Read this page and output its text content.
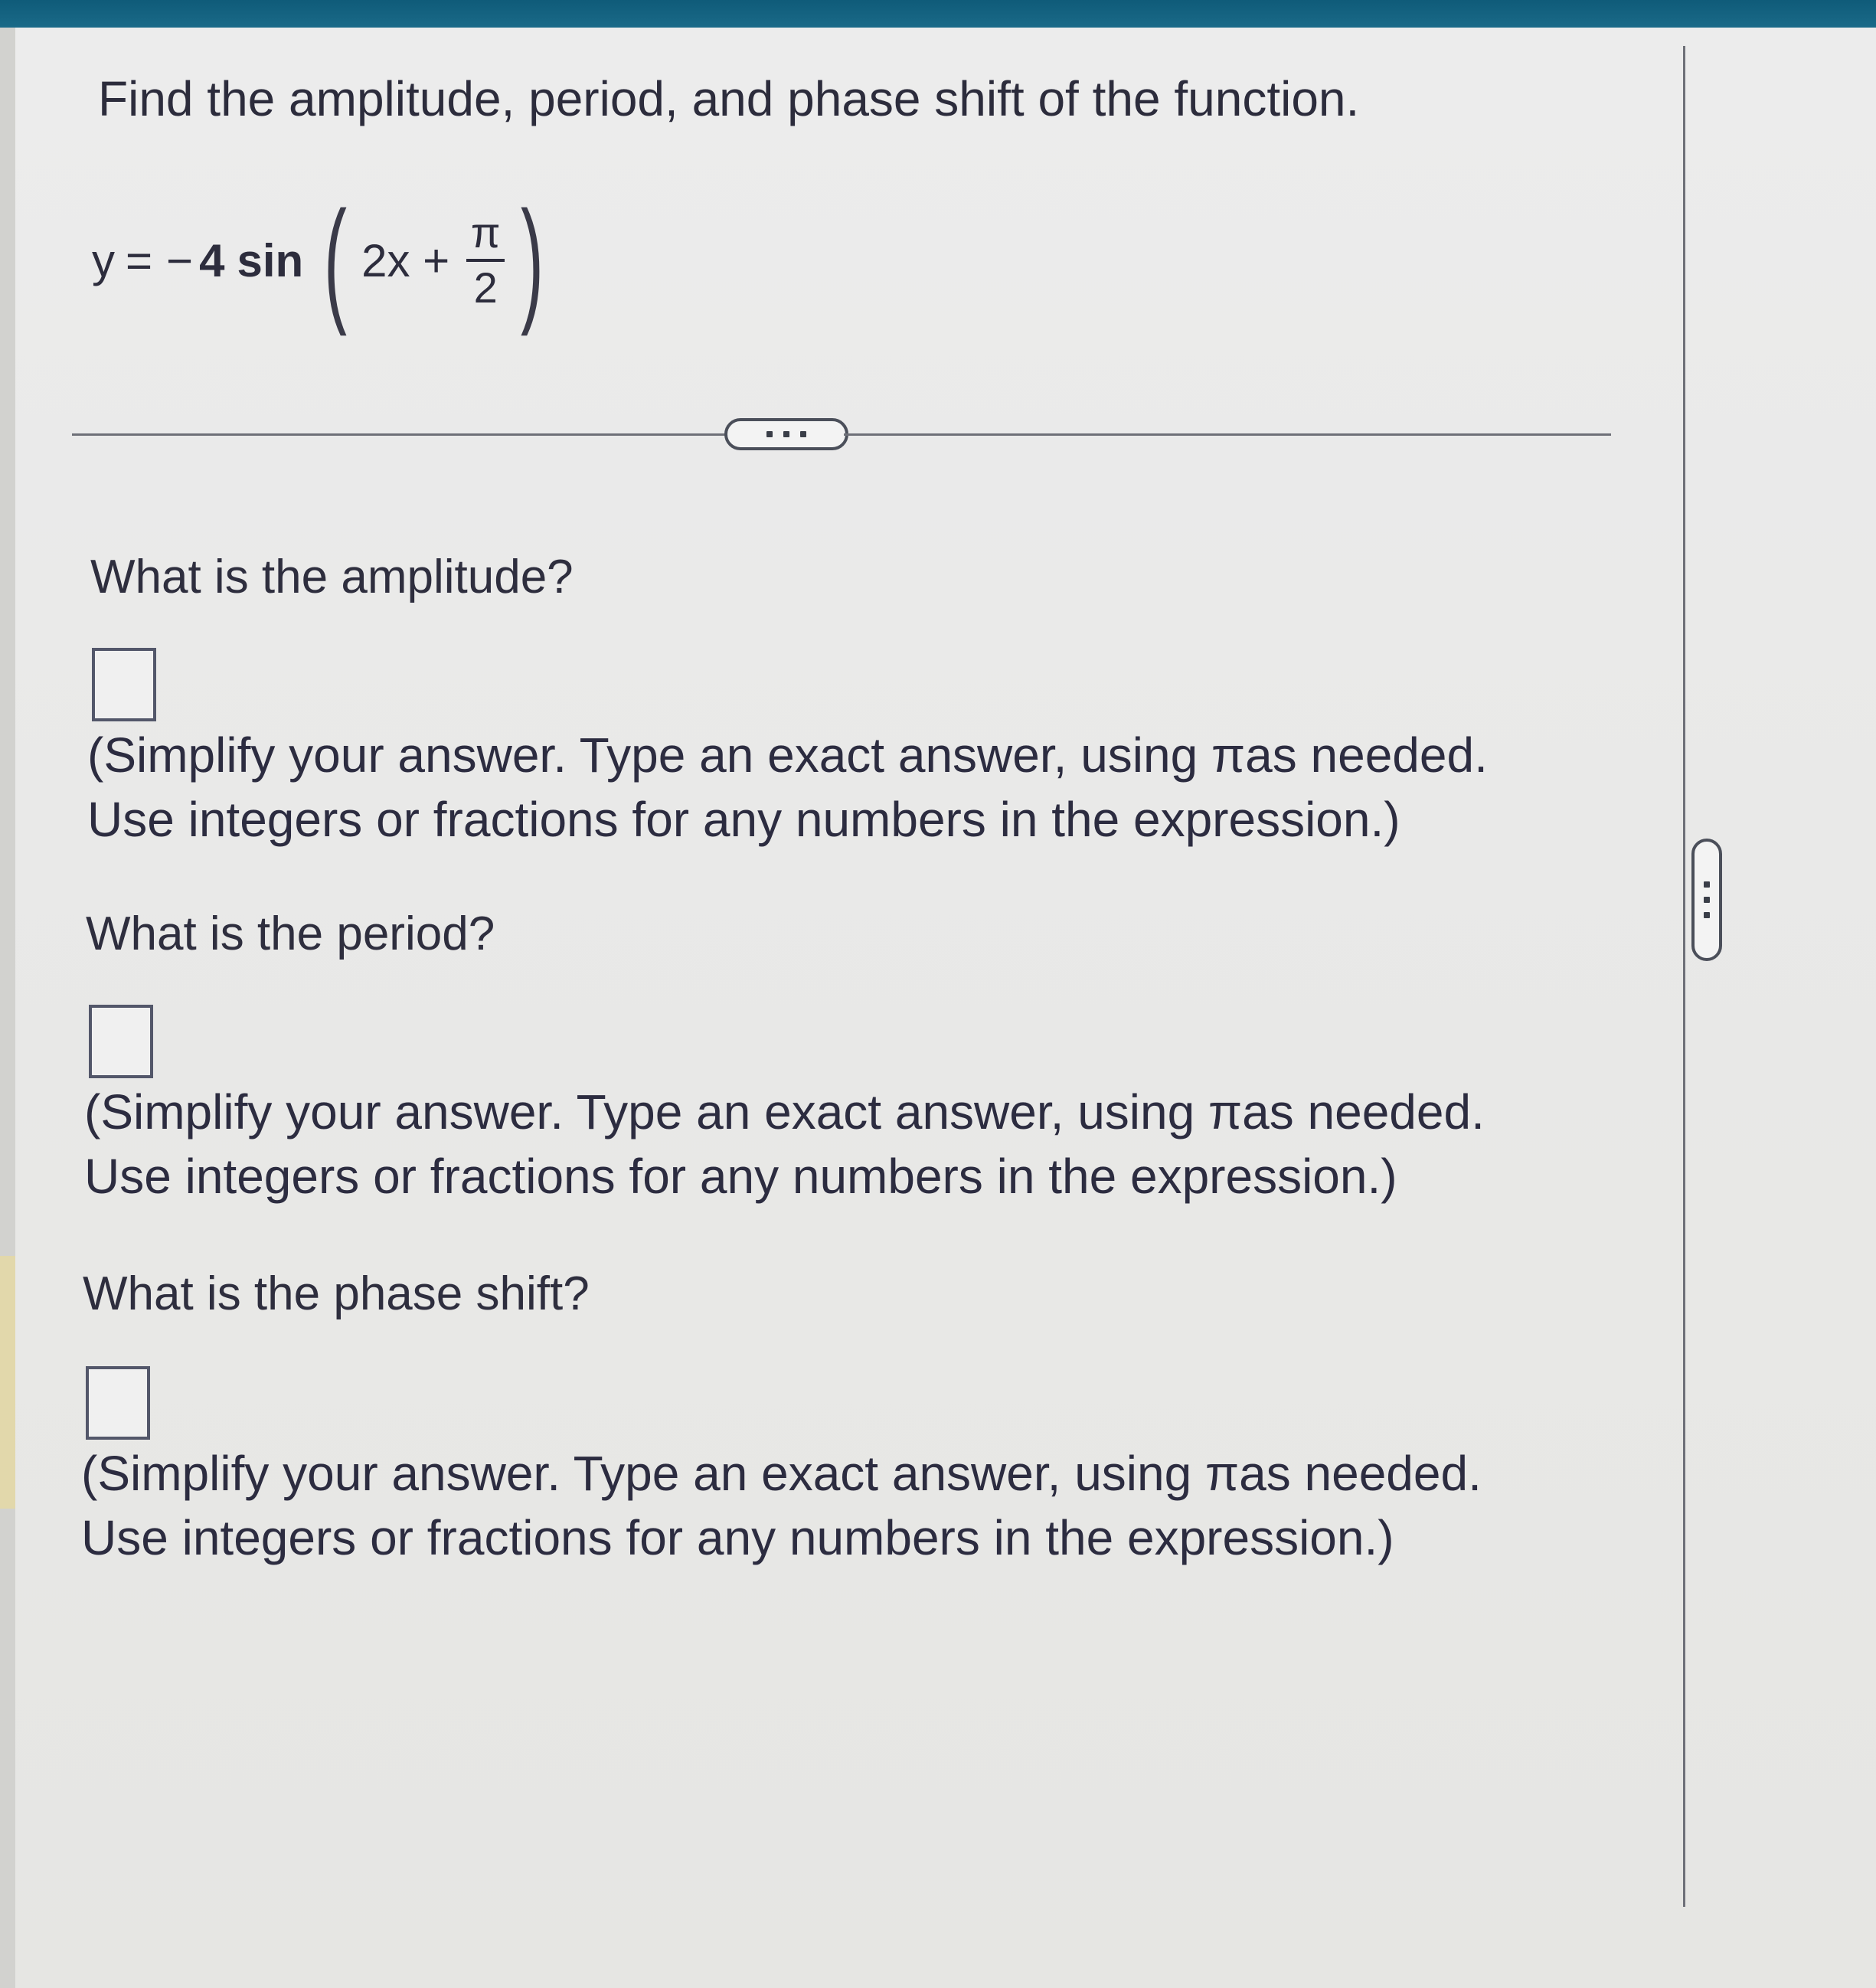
Find the amplitude, period, and phase shift of the function.
y = − 4 sin ( $2x + \frac{\pi}{2}$ )
What is the amplitude?
(Simplify your answer. Type an exact answer, using πas needed.
Use integers or fractions for any numbers in the expression.)
What is the period?
(Simplify your answer. Type an exact answer, using πas needed.
Use integers or fractions for any numbers in the expression.)
What is the phase shift?
(Simplify your answer. Type an exact answer, using πas needed.
Use integers or fractions for any numbers in the expression.)
